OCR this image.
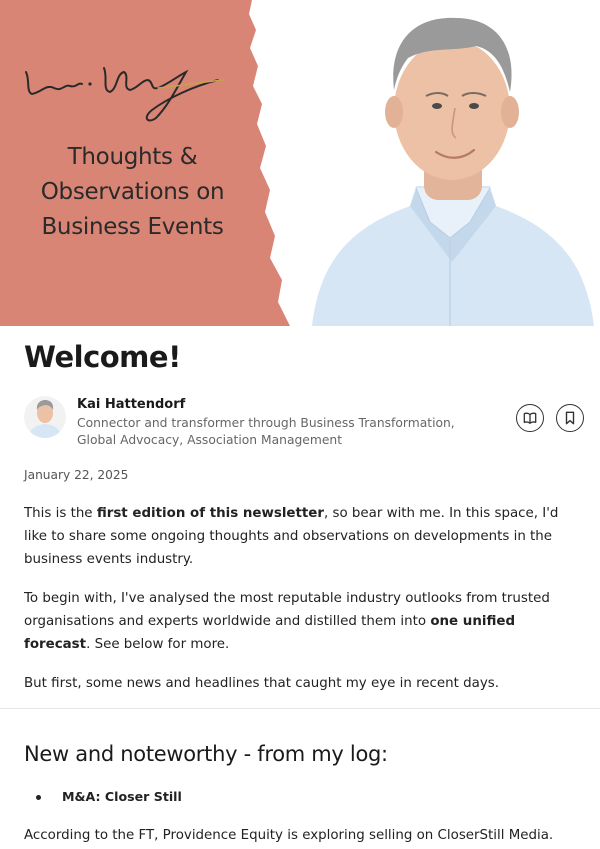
Thoughts &
Observations on
Business Events
Welcome!
Kai Hattendorf
Connector and transformer through Business Transformation, Global Advocacy, Association Management
January 22, 2025

This is the first edition of this newsletter, so bear with me. In this space, I'd like to share some ongoing thoughts and observations on developments in the business events industry.

To begin with, I've analysed the most reputable industry outlooks from trusted organisations and experts worldwide and distilled them into one unified forecast. See below for more.

But first, some news and headlines that caught my eye in recent days.

New and noteworthy - from my log:
M&A: Closer Still

According to the FT, Providence Equity is exploring selling on CloserStill Media.
